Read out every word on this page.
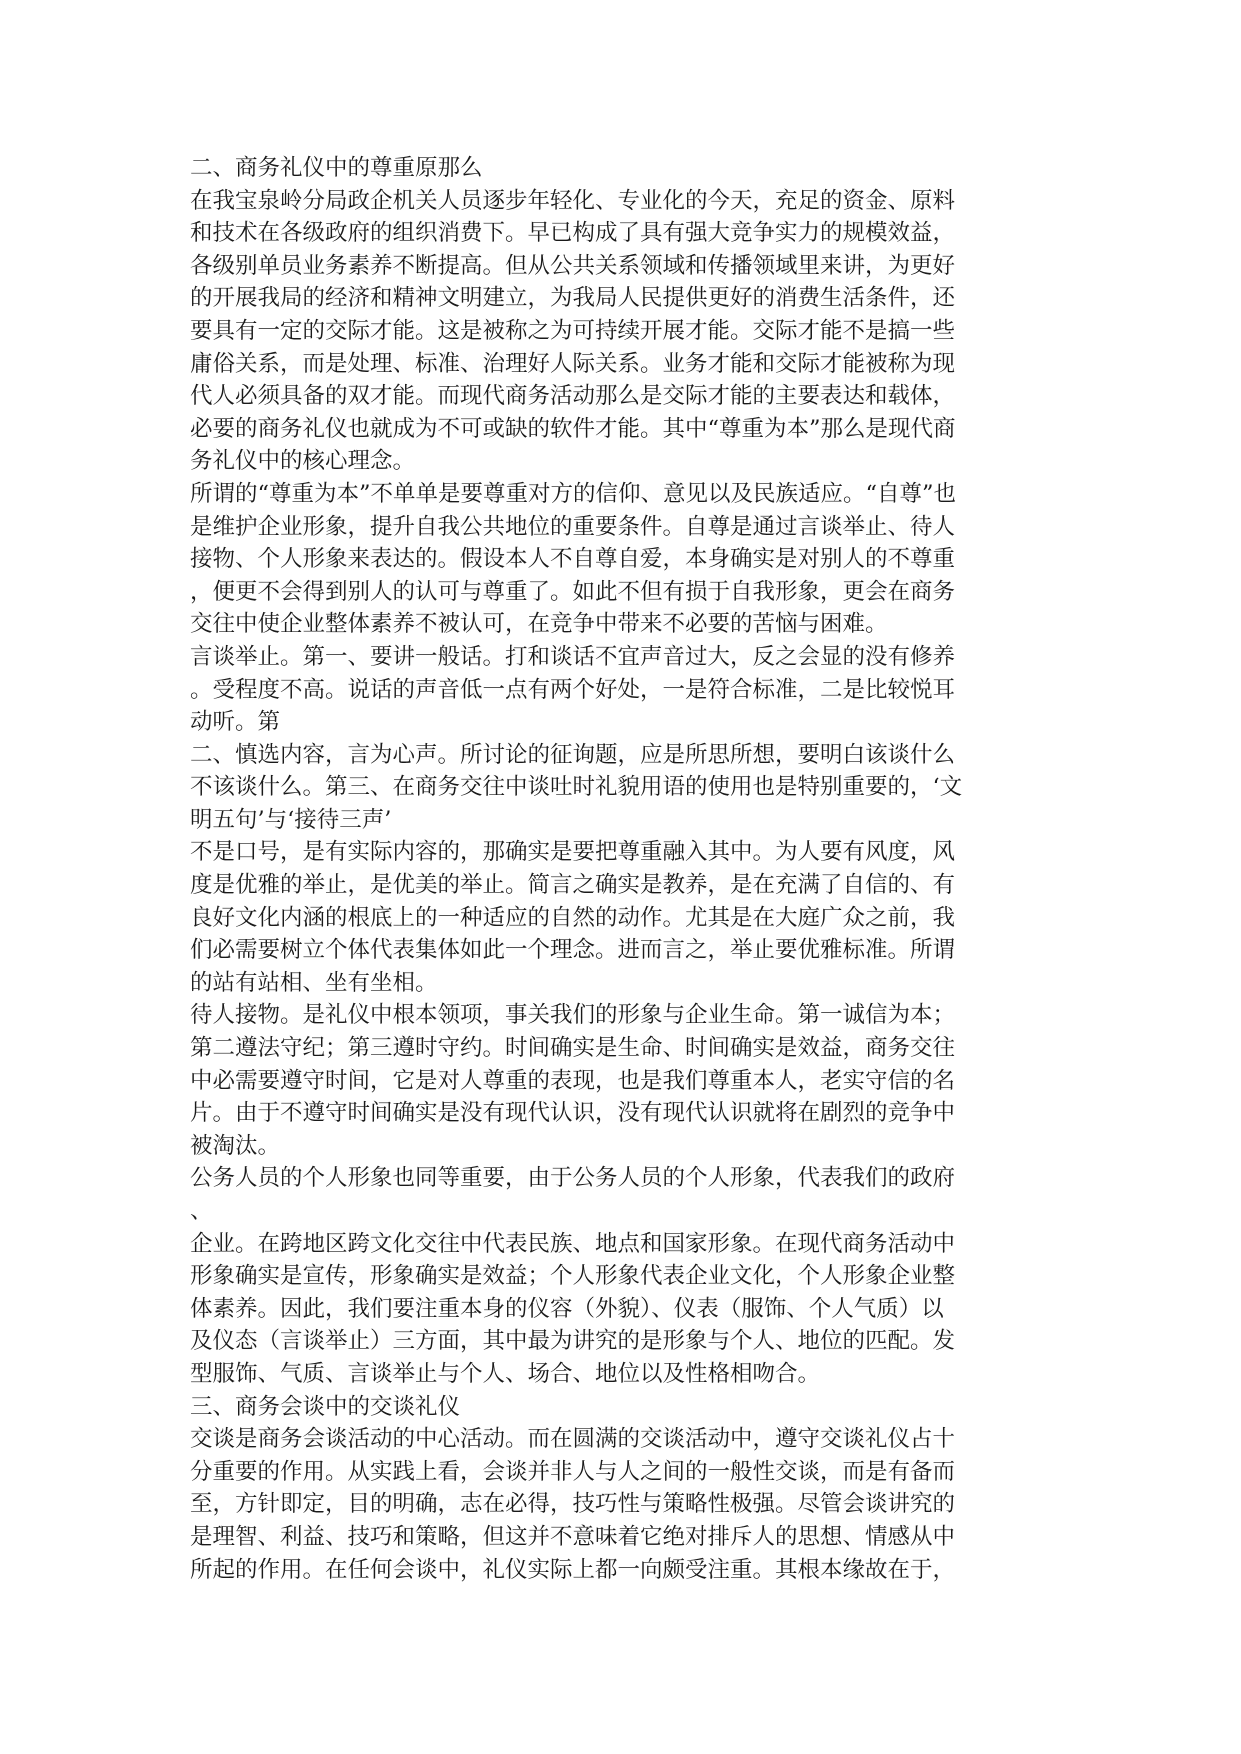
二、商务礼仪中的尊重原那么
在我宝泉岭分局政企机关人员逐步年轻化、专业化的今天，充足的资金、原料
和技术在各级政府的组织消费下。早已构成了具有强大竞争实力的规模效益，
各级别单员业务素养不断提高。但从公共关系领域和传播领域里来讲，为更好
的开展我局的经济和精神文明建立，为我局人民提供更好的消费生活条件，还
要具有一定的交际才能。这是被称之为可持续开展才能。交际才能不是搞一些
庸俗关系，而是处理、标准、治理好人际关系。业务才能和交际才能被称为现
代人必须具备的双才能。而现代商务活动那么是交际才能的主要表达和载体，
必要的商务礼仪也就成为不可或缺的软件才能。其中“尊重为本”那么是现代商
务礼仪中的核心理念。
所谓的“尊重为本”不单单是要尊重对方的信仰、意见以及民族适应。“自尊”也
是维护企业形象，提升自我公共地位的重要条件。自尊是通过言谈举止、待人
接物、个人形象来表达的。假设本人不自尊自爱，本身确实是对别人的不尊重
，便更不会得到别人的认可与尊重了。如此不但有损于自我形象，更会在商务
交往中使企业整体素养不被认可，在竞争中带来不必要的苦恼与困难。
言谈举止。第一、要讲一般话。打和谈话不宜声音过大，反之会显的没有修养
。受程度不高。说话的声音低一点有两个好处，一是符合标准，二是比较悦耳
动听。第
二、慎选内容，言为心声。所讨论的征询题，应是所思所想，要明白该谈什么
不该谈什么。第三、在商务交往中谈吐时礼貌用语的使用也是特别重要的，‘文
明五句’与‘接待三声’
不是口号，是有实际内容的，那确实是要把尊重融入其中。为人要有风度，风
度是优雅的举止，是优美的举止。简言之确实是教养，是在充满了自信的、有
良好文化内涵的根底上的一种适应的自然的动作。尤其是在大庭广众之前，我
们必需要树立个体代表集体如此一个理念。进而言之，举止要优雅标准。所谓
的站有站相、坐有坐相。
待人接物。是礼仪中根本领项，事关我们的形象与企业生命。第一诚信为本；
第二遵法守纪；第三遵时守约。时间确实是生命、时间确实是效益，商务交往
中必需要遵守时间，它是对人尊重的表现，也是我们尊重本人，老实守信的名
片。由于不遵守时间确实是没有现代认识，没有现代认识就将在剧烈的竞争中
被淘汰。
公务人员的个人形象也同等重要，由于公务人员的个人形象，代表我们的政府
、
企业。在跨地区跨文化交往中代表民族、地点和国家形象。在现代商务活动中
形象确实是宣传，形象确实是效益；个人形象代表企业文化，个人形象企业整
体素养。因此，我们要注重本身的仪容（外貌）、仪表（服饰、个人气质）以
及仪态（言谈举止）三方面，其中最为讲究的是形象与个人、地位的匹配。发
型服饰、气质、言谈举止与个人、场合、地位以及性格相吻合。
三、商务会谈中的交谈礼仪
交谈是商务会谈活动的中心活动。而在圆满的交谈活动中，遵守交谈礼仪占十
分重要的作用。从实践上看，会谈并非人与人之间的一般性交谈，而是有备而
至，方针即定，目的明确，志在必得，技巧性与策略性极强。尽管会谈讲究的
是理智、利益、技巧和策略，但这并不意味着它绝对排斥人的思想、情感从中
所起的作用。在任何会谈中，礼仪实际上都一向颇受注重。其根本缘故在于，
